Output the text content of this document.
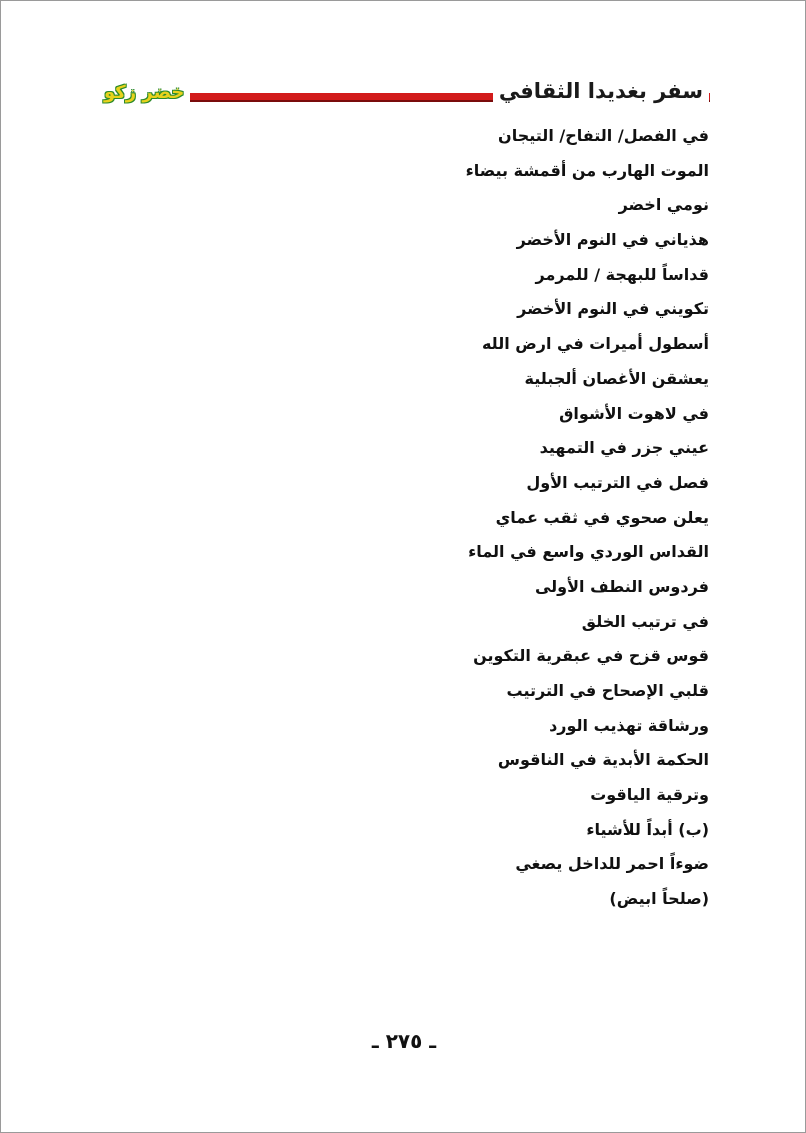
سفر بغديدا الثقافي
خضر زكو
في الفصل/ التفاح/ التيجان
الموت الهارب من أقمشة بيضاء
نومي اخضر
هذياني في النوم الأخضر
قداساً للبهجة / للمرمر
تكويني في النوم الأخضر
أسطول أميرات في ارض الله
يعشقن الأغصان ألجبلية
في لاهوت الأشواق
عيني جزر في التمهيد
فصل في الترتيب الأول
يعلن صحوي في ثقب عماي
القداس الوردي واسع في الماء
فردوس النطف الأولى
في ترتيب الخلق
قوس قزح في عبقرية التكوين
قلبي الإصحاح في الترتيب
ورشاقة تهذيب الورد
الحكمة الأبدية في الناقوس
وترقية الياقوت
(ب) أبداً للأشياء
ضوءاً احمر للداخل يصغي
(صلحاً ابيض)
ـ ٢٧٥ ـ
